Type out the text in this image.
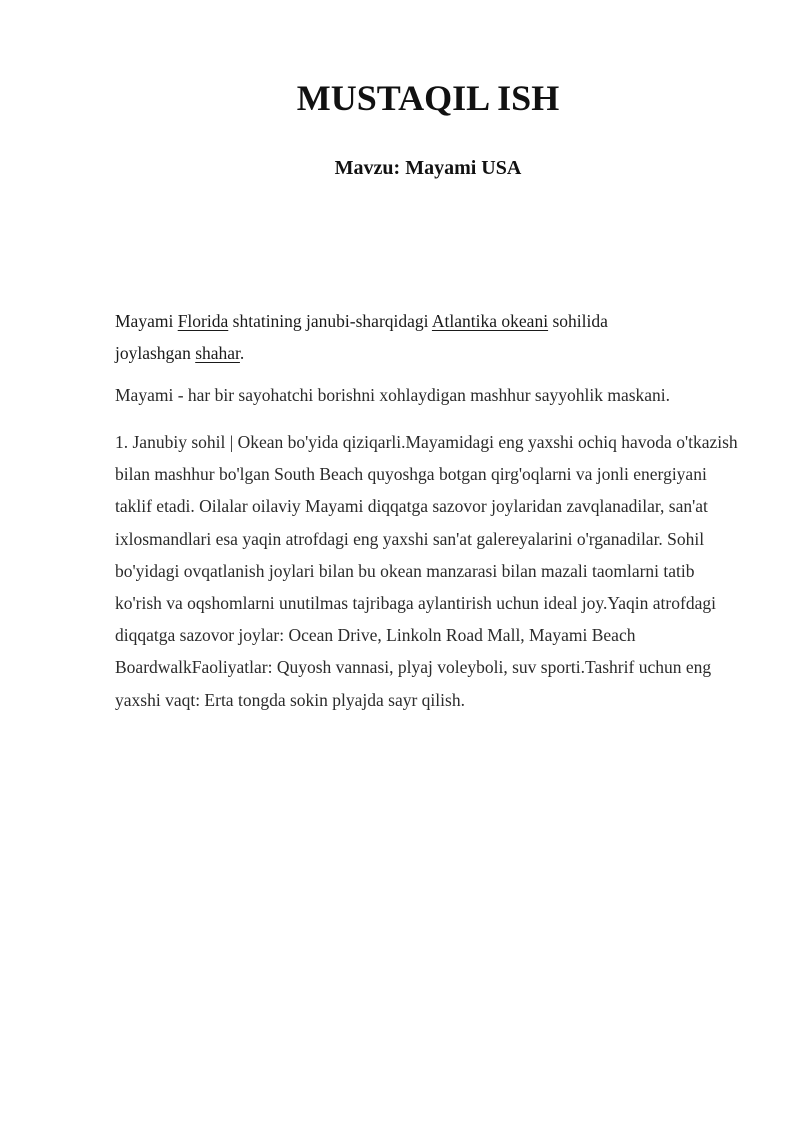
MUSTAQIL ISH
Mavzu: Mayami USA

Mayami Florida shtatining janubi-sharqidagi Atlantika okeani sohilida joylashgan shahar.

Mayami - har bir sayohatchi borishni xohlaydigan mashhur sayyohlik maskani.

1. Janubiy sohil | Okean bo'yida qiziqarli.Mayamidagi eng yaxshi ochiq havoda o'tkazish bilan mashhur bo'lgan South Beach quyoshga botgan qirg'oqlarni va jonli energiyani taklif etadi. Oilalar oilaviy Mayami diqqatga sazovor joylaridan zavqlanadilar, san'at ixlosmandlari esa yaqin atrofdagi eng yaxshi san'at galereyalarini o'rganadilar. Sohil bo'yidagi ovqatlanish joylari bilan bu okean manzarasi bilan mazali taomlarni tatib ko'rish va oqshomlarni unutilmas tajribaga aylantirish uchun ideal joy.Yaqin atrofdagi diqqatga sazovor joylar: Ocean Drive, Linkoln Road Mall, Mayami Beach BoardwalkFaoliyatlar: Quyosh vannasi, plyaj voleyboli, suv sporti.Tashrif uchun eng yaxshi vaqt: Erta tongda sokin plyajda sayr qilish.
